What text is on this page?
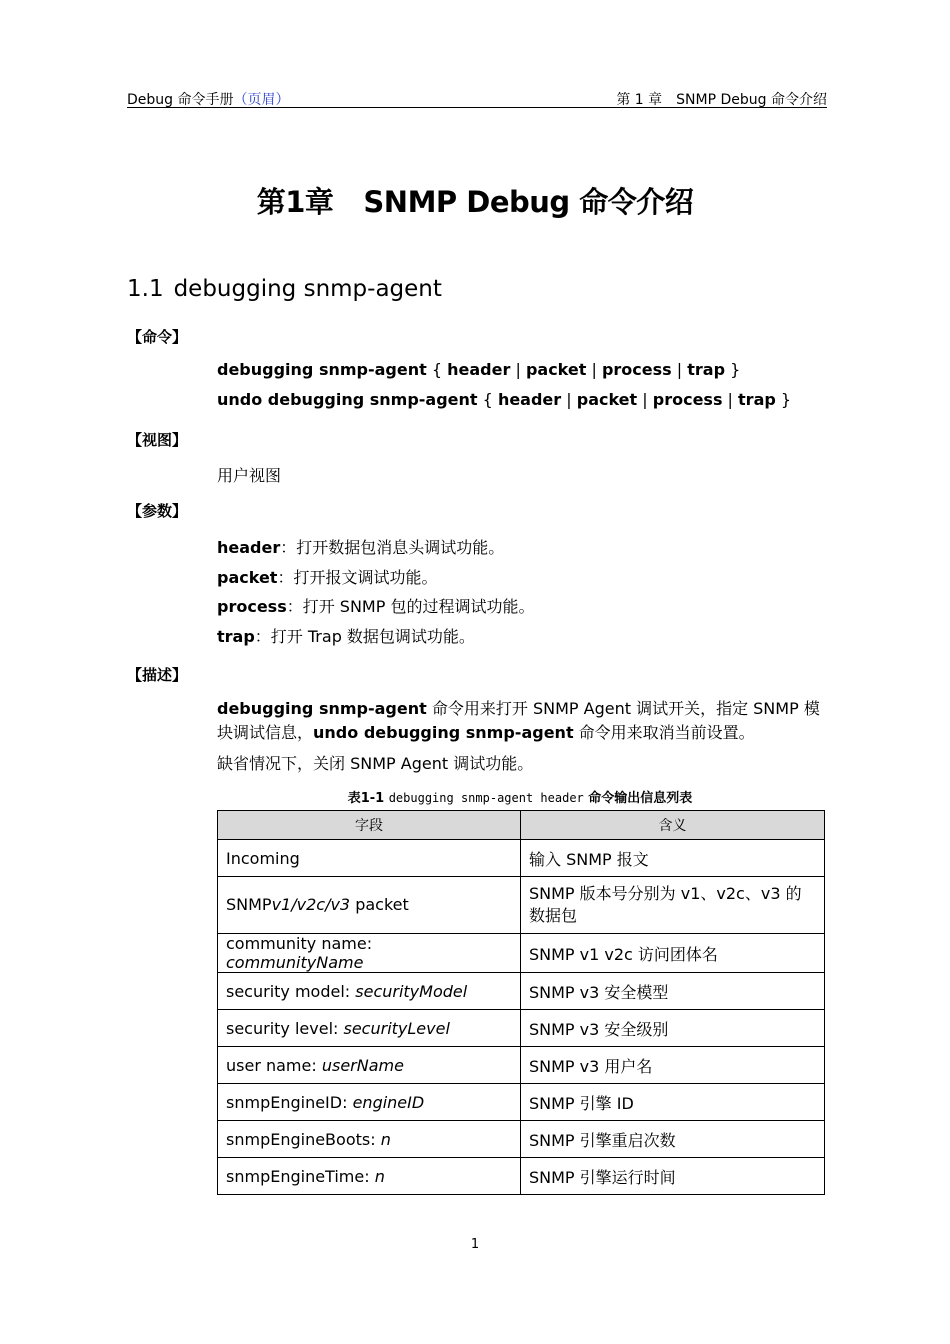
Debug 命令手册（页眉）	第 1 章　SNMP Debug 命令介绍
第1章 SNMP Debug 命令介绍
1.1 debugging snmp-agent
【命令】
debugging snmp-agent { header | packet | process | trap }
undo debugging snmp-agent { header | packet | process | trap }
【视图】
用户视图
【参数】
header：打开数据包消息头调试功能。
packet：打开报文调试功能。
process：打开 SNMP 包的过程调试功能。
trap：打开 Trap 数据包调试功能。
【描述】
debugging snmp-agent 命令用来打开 SNMP Agent 调试开关，指定 SNMP 模块调试信息，undo debugging snmp-agent 命令用来取消当前设置。
缺省情况下，关闭 SNMP Agent 调试功能。
表1-1 debugging snmp-agent header 命令输出信息列表
字段	含义
Incoming	输入 SNMP 报文
SNMPv1/v2c/v3 packet	SNMP 版本号分别为 v1、v2c、v3 的数据包
community name: communityName	SNMP v1 v2c 访问团体名
security model: securityModel	SNMP v3 安全模型
security level: securityLevel	SNMP v3 安全级别
user name: userName	SNMP v3 用户名
snmpEngineID: engineID	SNMP 引擎 ID
snmpEngineBoots: n	SNMP 引擎重启次数
snmpEngineTime: n	SNMP 引擎运行时间
1
